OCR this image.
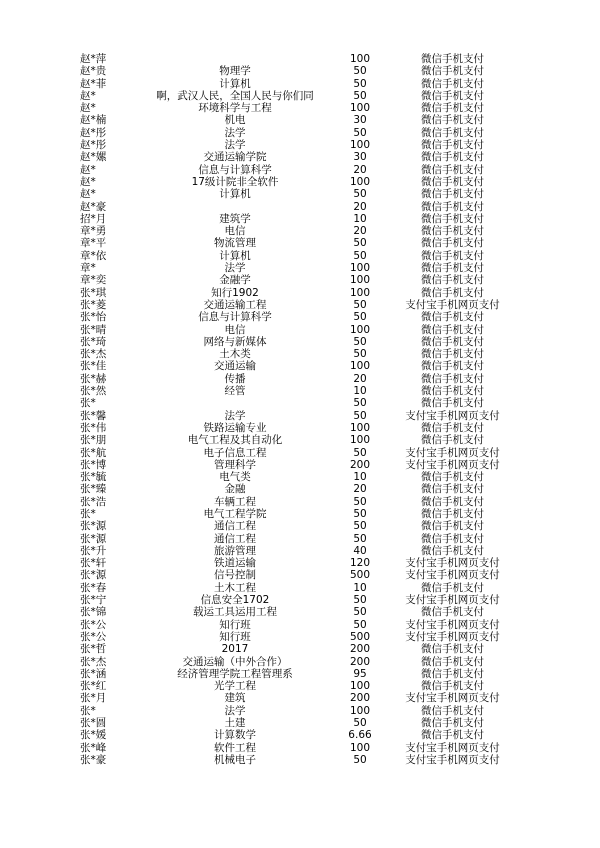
赵*萍		100	微信手机支付
赵*贵	物理学	50	微信手机支付
赵*菲	计算机	50	微信手机支付
赵*	啊，武汉人民，全国人民与你们同	50	微信手机支付
赵*	环境科学与工程	100	微信手机支付
赵*楠	机电	30	微信手机支付
赵*彤	法学	50	微信手机支付
赵*彤	法学	100	微信手机支付
赵*嫘	交通运输学院	30	微信手机支付
赵*	信息与计算科学	20	微信手机支付
赵*	17级计院非全软件	100	微信手机支付
赵*	计算机	50	微信手机支付
赵*豪		20	微信手机支付
招*月	建筑学	10	微信手机支付
章*勇	电信	20	微信手机支付
章*平	物流管理	50	微信手机支付
章*依	计算机	50	微信手机支付
章*	法学	100	微信手机支付
章*奕	金融学	100	微信手机支付
张*琪	知行1902	100	微信手机支付
张*菱	交通运输工程	50	支付宝手机网页支付
张*怡	信息与计算科学	50	微信手机支付
张*晴	电信	100	微信手机支付
张*琦	网络与新媒体	50	微信手机支付
张*杰	土木类	50	微信手机支付
张*佳	交通运输	100	微信手机支付
张*赫	传播	20	微信手机支付
张*然	经管	10	微信手机支付
张*		50	微信手机支付
张*馨	法学	50	支付宝手机网页支付
张*伟	铁路运输专业	100	微信手机支付
张*朋	电气工程及其自动化	100	微信手机支付
张*航	电子信息工程	50	支付宝手机网页支付
张*博	管理科学	200	支付宝手机网页支付
张*毓	电气类	10	微信手机支付
张*臻	金融	20	微信手机支付
张*浩	车辆工程	50	微信手机支付
张*	电气工程学院	50	微信手机支付
张*源	通信工程	50	微信手机支付
张*源	通信工程	50	微信手机支付
张*升	旅游管理	40	微信手机支付
张*轩	铁道运输	120	支付宝手机网页支付
张*源	信号控制	500	支付宝手机网页支付
张*春	土木工程	10	微信手机支付
张*宁	信息安全1702	50	支付宝手机网页支付
张*锦	载运工具运用工程	50	微信手机支付
张*公	知行班	50	支付宝手机网页支付
张*公	知行班	500	支付宝手机网页支付
张*哲	2017	200	微信手机支付
张*杰	交通运输（中外合作）	200	微信手机支付
张*涵	经济管理学院工程管理系	95	微信手机支付
张*红	光学工程	100	微信手机支付
张*月	建筑	200	支付宝手机网页支付
张*	法学	100	微信手机支付
张*圆	土建	50	微信手机支付
张*媛	计算数学	6.66	微信手机支付
张*峰	软件工程	100	支付宝手机网页支付
张*豪	机械电子	50	支付宝手机网页支付
